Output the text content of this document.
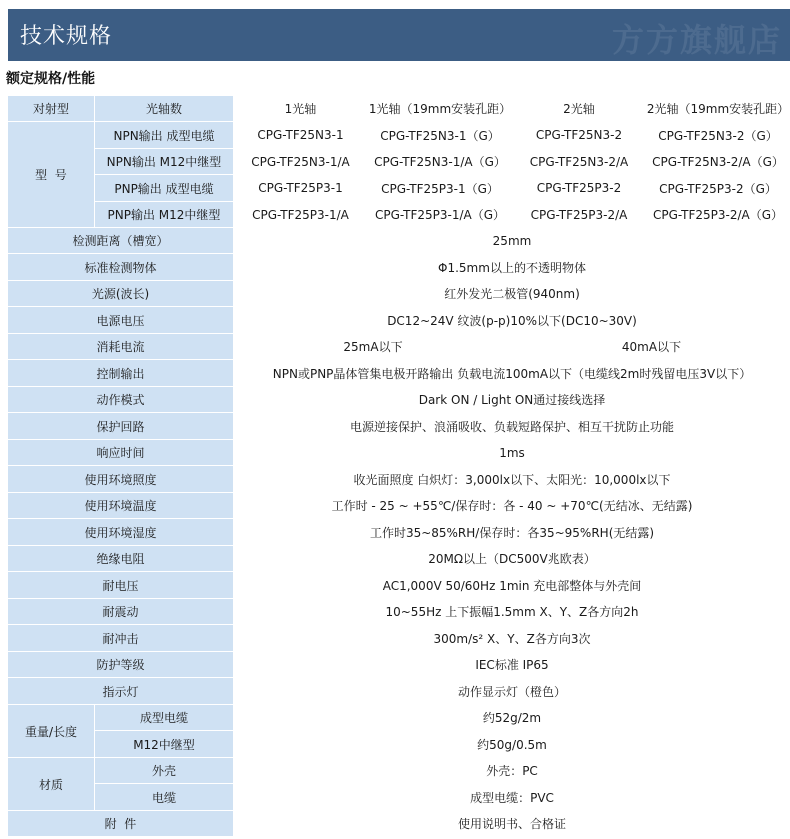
方方旗舰店
技术规格
额定规格/性能
对射型	光轴数	1光轴	1光轴（19mm安装孔距）	2光轴	2光轴（19mm安装孔距）
型  号	NPN输出 成型电缆	CPG-TF25N3-1	CPG-TF25N3-1（G）	CPG-TF25N3-2	CPG-TF25N3-2（G）
	NPN输出 M12中继型	CPG-TF25N3-1/A	CPG-TF25N3-1/A（G）	CPG-TF25N3-2/A	CPG-TF25N3-2/A（G）
	PNP输出 成型电缆	CPG-TF25P3-1	CPG-TF25P3-1（G）	CPG-TF25P3-2	CPG-TF25P3-2（G）
	PNP输出 M12中继型	CPG-TF25P3-1/A	CPG-TF25P3-1/A（G）	CPG-TF25P3-2/A	CPG-TF25P3-2/A（G）
检测距离（槽宽）		25mm			
标准检测物体		Φ1.5mm以上的不透明物体			
光源(波长)		红外发光二极管(940nm)			
电源电压		DC12~24V 纹波(p-p)10%以下(DC10~30V)			
消耗电流		25mA以下		40mA以下	
控制输出		NPN或PNP晶体管集电极开路输出 负载电流100mA以下（电缆线2m时残留电压3V以下）			
动作模式		Dark ON / Light ON通过接线选择			
保护回路		电源逆接保护、浪涌吸收、负载短路保护、相互干扰防止功能			
响应时间		1ms			
使用环境照度		收光面照度 白炽灯：3,000lx以下、太阳光：10,000lx以下			
使用环境温度		工作时 - 25 ~ +55℃/保存时：各 - 40 ~ +70℃(无结冰、无结露)			
使用环境湿度		工作时35~85%RH/保存时：各35~95%RH(无结露)			
绝缘电阻		20MΩ以上（DC500V兆欧表）			
耐电压		AC1,000V 50/60Hz 1min 充电部整体与外壳间			
耐震动		10~55Hz 上下振幅1.5mm X、Y、Z各方向2h			
耐冲击		300m/s² X、Y、Z各方向3次			
防护等级		IEC标准 IP65			
指示灯		动作显示灯（橙色）			
重量/长度	成型电缆	约52g/2m			
	M12中继型	约50g/0.5m			
材质	外壳	外壳：PC			
	电缆	成型电缆：PVC			
附  件		使用说明书、合格证			
